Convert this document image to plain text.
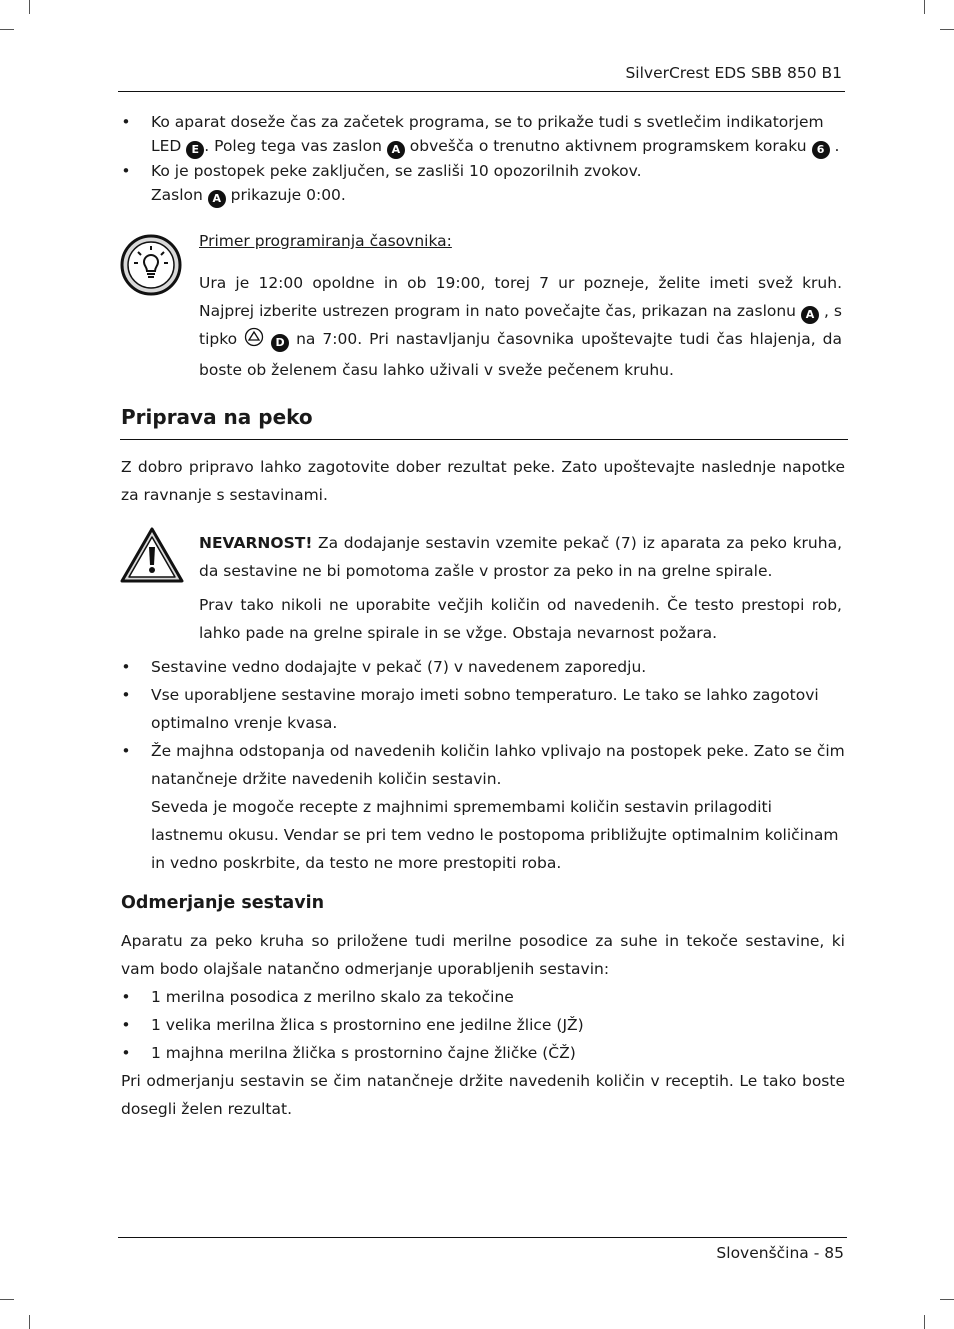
SilverCrest EDS SBB 850 B1
• Ko aparat doseže čas za začetek programa, se to prikaže tudi s svetlečim indikatorjem LED E . Poleg tega vas zaslon A obvešča o trenutno aktivnem programskem koraku 6 .
• Ko je postopek peke zaključen, se zasliši 10 opozorilnih zvokov.
Zaslon A prikazuje 0:00.
Primer programiranja časovnika:
Ura je 12:00 opoldne in ob 19:00, torej 7 ur pozneje, želite imeti svež kruh. Najprej izberite ustrezen program in nato povečajte čas, prikazan na zaslonu A , s tipko	D na 7:00. Pri nastavljanju časovnika upoštevajte tudi čas hlajenja, da boste ob želenem času lahko uživali v sveže pečenem kruhu.
Priprava na peko
Z dobro pripravo lahko zagotovite dober rezultat peke. Zato upoštevajte naslednje napotke za ravnanje s sestavinami.
NEVARNOST! Za dodajanje sestavin vzemite pekač (7) iz aparata za peko kruha, da sestavine ne bi pomotoma zašle v prostor za peko in na grelne spirale.
Prav tako nikoli ne uporabite večjih količin od navedenih. Če testo prestopi rob, lahko pade na grelne spirale in se vžge. Obstaja nevarnost požara.
• Sestavine vedno dodajajte v pekač (7) v navedenem zaporedju.
• Vse uporabljene sestavine morajo imeti sobno temperaturo. Le tako se lahko zagotovi optimalno vrenje kvasa.
• Že majhna odstopanja od navedenih količin lahko vplivajo na postopek peke. Zato se čim natančneje držite navedenih količin sestavin.
Seveda je mogoče recepte z majhnimi spremembami količin sestavin prilagoditi lastnemu okusu. Vendar se pri tem vedno le postopoma približujte optimalnim količinam in vedno poskrbite, da testo ne more prestopiti roba.
Odmerjanje sestavin
Aparatu za peko kruha so priložene tudi merilne posodice za suhe in tekoče sestavine, ki vam bodo olajšale natančno odmerjanje uporabljenih sestavin:
• 1 merilna posodica z merilno skalo za tekočine
• 1 velika merilna žlica s prostornino ene jedilne žlice (JŽ)
• 1 majhna merilna žlička s prostornino čajne žličke (ČŽ)
Pri odmerjanju sestavin se čim natančneje držite navedenih količin v receptih. Le tako boste dosegli želen rezultat.
Slovenščina - 85
